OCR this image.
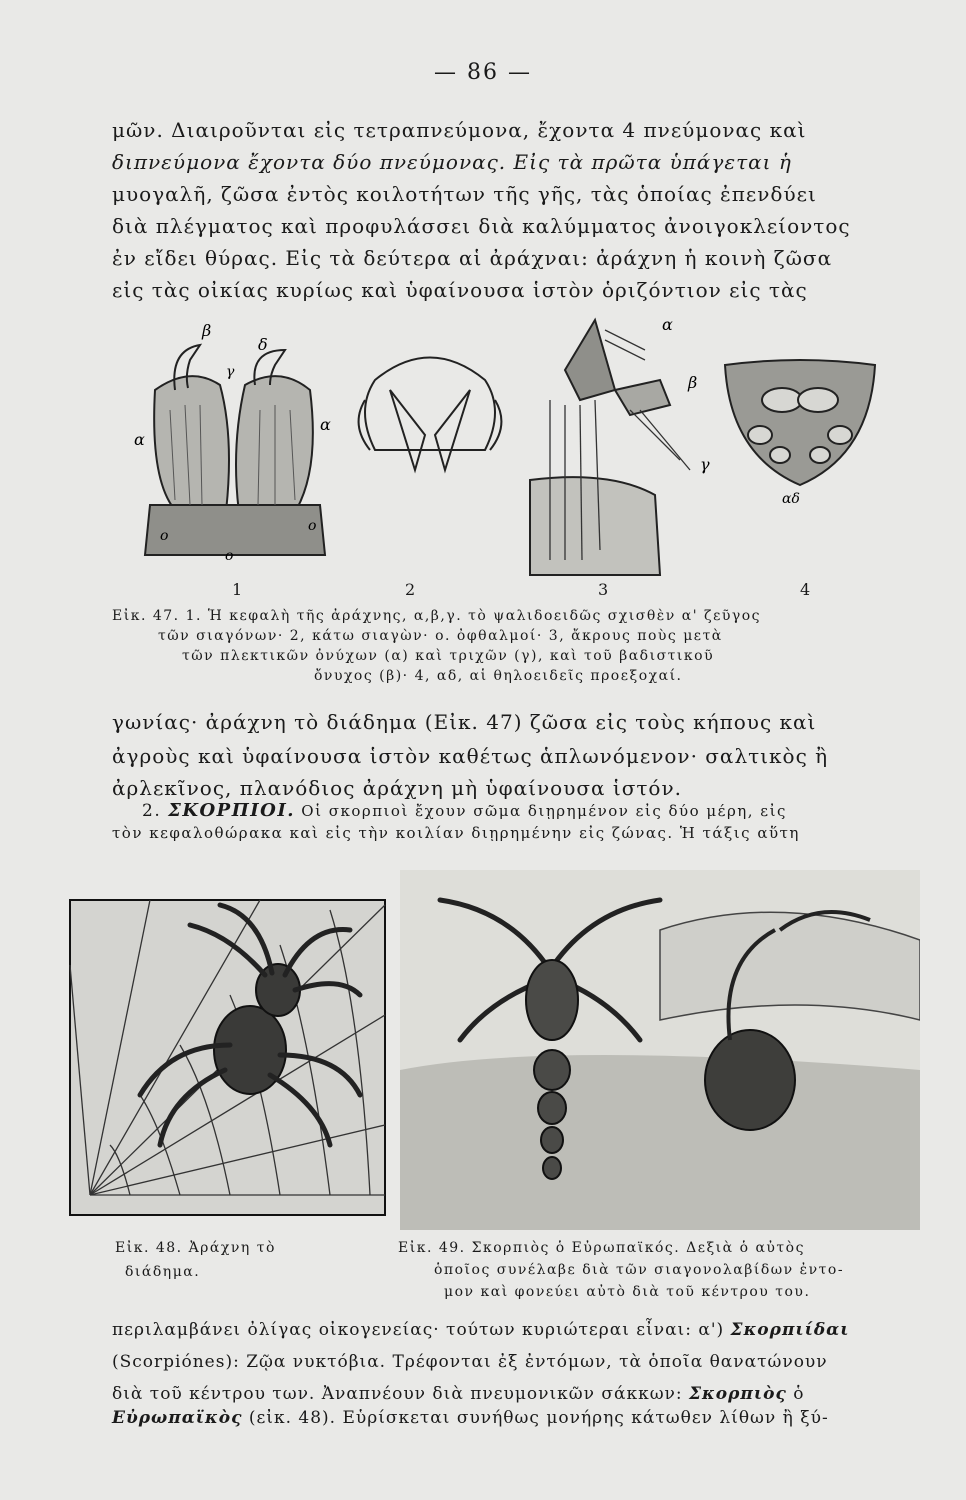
— 86 —
μῶν. Διαιροῦνται εἰς τετραπνεύμονα, ἔχοντα 4 πνεύμονας καὶ
διπνεύμονα ἔχοντα δύο πνεύμονας. Εἰς τὰ πρῶτα ὑπάγεται ἡ
μυογαλῆ, ζῶσα ἐντὸς κοιλοτήτων τῆς γῆς, τὰς ὁποίας ἐπενδύει
διὰ πλέγματος καὶ προφυλάσσει διὰ καλύμματος ἀνοιγοκλείοντος
ἐν εἴδει θύρας. Εἰς τὰ δεύτερα αἱ ἀράχναι: ἀράχνη ἡ κοινὴ ζῶσα
εἰς τὰς οἰκίας κυρίως καὶ ὑφαίνουσα ἱστὸν ὁριζόντιον εἰς τὰς
β
δ
γ
α
α
ο
ο
ο
α
β
γ
αδ
1	2	3	4
Εἰκ. 47. 1. Ἡ κεφαλὴ τῆς ἀράχνης, α,β,γ. τὸ ψαλιδοειδῶς σχισθὲν α' ζεῦγος
τῶν σιαγόνων· 2, κάτω σιαγὼν· ο. ὀφθαλμοί· 3, ἄκρους ποὺς μετὰ
τῶν πλεκτικῶν ὀνύχων (α) καὶ τριχῶν (γ), καὶ τοῦ βαδιστικοῦ
ὄνυχος (β)· 4, αδ, αἱ θηλοειδεῖς προεξοχαί.
γωνίας· ἀράχνη τὸ διάδημα (Εἰκ. 47) ζῶσα εἰς τοὺς κήπους καὶ
ἀγροὺς καὶ ὑφαίνουσα ἱστὸν καθέτως ἁπλωνόμενον· σαλτικὸς ἢ
ἀρλεκῖνος, πλανόδιος ἀράχνη μὴ ὑφαίνουσα ἱστόν.
2. ΣΚΟΡΠΙΟΙ. Οἱ σκορπιοὶ ἔχουν σῶμα διῃρημένον εἰς δύο μέρη, εἰς
τὸν κεφαλοθώρακα καὶ εἰς τὴν κοιλίαν διῃρημένην εἰς ζώνας. Ἡ τάξις αὕτη
Εἰκ. 48. Ἀράχνη τὸ
διάδημα.
Εἰκ. 49. Σκορπιὸς ὁ Εὐρωπαϊκός. Δεξιὰ ὁ αὐτὸς
ὁποῖος συνέλαβε διὰ τῶν σιαγονολαβίδων ἐντο-
μον καὶ φονεύει αὐτὸ διὰ τοῦ κέντρου του.
περιλαμβάνει ὀλίγας οἰκογενείας· τούτων κυριώτεραι εἶναι: α') Σκορπιίδαι
(Scorpiónes): Ζῷα νυκτόβια. Τρέφονται ἐξ ἐντόμων, τὰ ὁποῖα θανατώνουν
διὰ τοῦ κέντρου των. Ἀναπνέουν διὰ πνευμονικῶν σάκκων: Σκορπιὸς ὁ
Εὐρωπαϊκὸς (εἰκ. 48). Εὑρίσκεται συνήθως μονήρης κάτωθεν λίθων ἢ ξύ-
